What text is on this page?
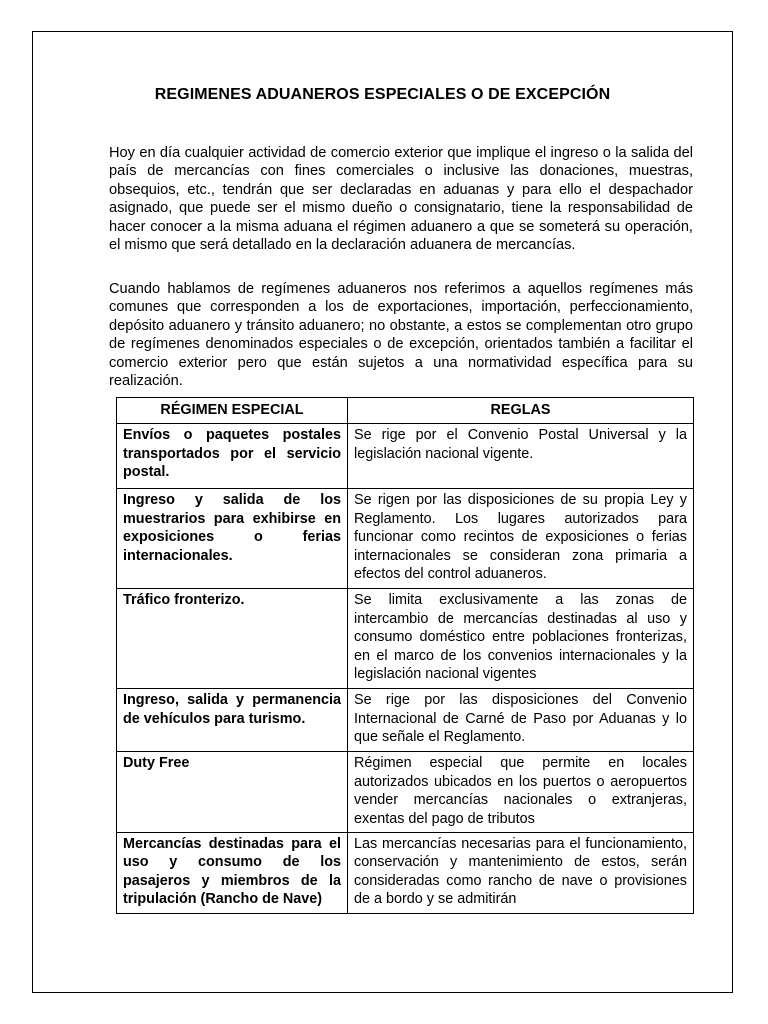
REGIMENES ADUANEROS ESPECIALES O DE EXCEPCIÓN

Hoy en día cualquier actividad de comercio exterior que implique el ingreso o la salida del país de mercancías con fines comerciales o inclusive las donaciones, muestras, obsequios, etc., tendrán que ser declaradas en aduanas y para ello el despachador asignado, que puede ser el mismo dueño o consignatario, tiene la responsabilidad de hacer conocer a la misma aduana el régimen aduanero a que se someterá su operación, el mismo que será detallado en la declaración aduanera de mercancías.

Cuando hablamos de regímenes aduaneros nos referimos a aquellos regímenes más comunes que corresponden a los de exportaciones, importación, perfeccionamiento, depósito aduanero y tránsito aduanero; no obstante, a estos se complementan otro grupo de regímenes denominados especiales o de excepción, orientados también a facilitar el comercio exterior pero que están sujetos a una normatividad específica para su realización.

RÉGIMEN ESPECIAL	REGLAS
Envíos o paquetes postales transportados por el servicio postal.	Se rige por el Convenio Postal Universal y la legislación nacional vigente.
Ingreso y salida de los muestrarios para exhibirse en exposiciones o ferias internacionales.	Se rigen por las disposiciones de su propia Ley y Reglamento. Los lugares autorizados para funcionar como recintos de exposiciones o ferias internacionales se consideran zona primaria a efectos del control aduaneros.
Tráfico fronterizo.	Se limita exclusivamente a las zonas de intercambio de mercancías destinadas al uso y consumo doméstico entre poblaciones fronterizas, en el marco de los convenios internacionales y la legislación nacional vigentes
Ingreso, salida y permanencia de vehículos para turismo.	Se rige por las disposiciones del Convenio Internacional de Carné de Paso por Aduanas y lo que señale el Reglamento.
Duty Free	Régimen especial que permite en locales autorizados ubicados en los puertos o aeropuertos vender mercancías nacionales o extranjeras, exentas del pago de tributos
Mercancías destinadas para el uso y consumo de los pasajeros y miembros de la tripulación (Rancho de Nave)	Las mercancías necesarias para el funcionamiento, conservación y mantenimiento de estos, serán consideradas como rancho de nave o provisiones de a bordo y se admitirán
